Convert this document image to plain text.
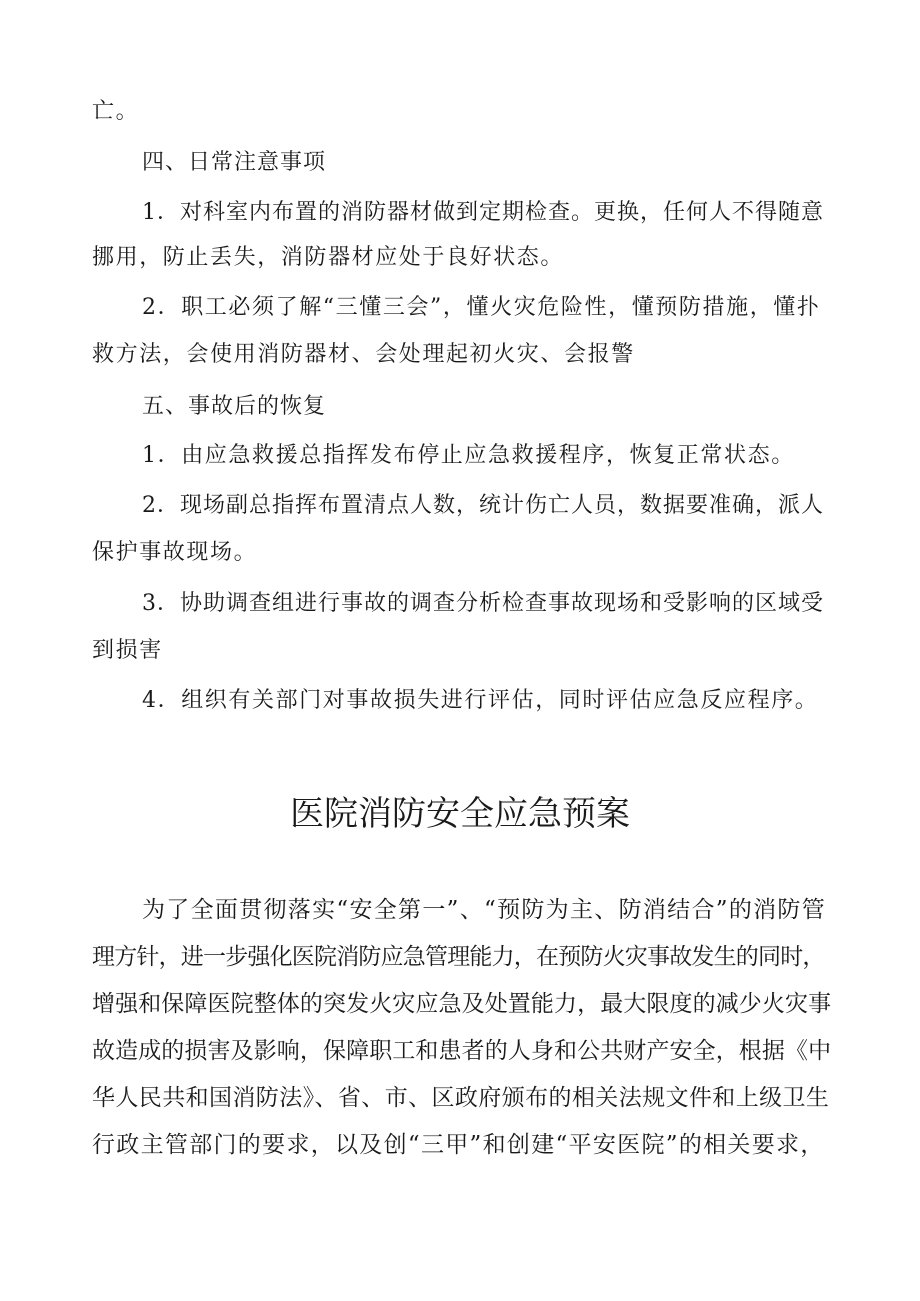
亡。
四、日常注意事项
1．对科室内布置的消防器材做到定期检查。更换，任何人不得随意
挪用，防止丢失，消防器材应处于良好状态。
2．职工必须了解“三懂三会”，懂火灾危险性，懂预防措施，懂扑
救方法，会使用消防器材、会处理起初火灾、会报警
五、事故后的恢复
1．由应急救援总指挥发布停止应急救援程序，恢复正常状态。
2．现场副总指挥布置清点人数，统计伤亡人员，数据要准确，派人
保护事故现场。
3．协助调查组进行事故的调查分析检查事故现场和受影响的区域受
到损害
4．组织有关部门对事故损失进行评估，同时评估应急反应程序。
医院消防安全应急预案
为了全面贯彻落实“安全第一”、“预防为主、防消结合”的消防管
理方针，进一步强化医院消防应急管理能力，在预防火灾事故发生的同时，
增强和保障医院整体的突发火灾应急及处置能力，最大限度的减少火灾事
故造成的损害及影响，保障职工和患者的人身和公共财产安全，根据《中
华人民共和国消防法》、省、市、区政府颁布的相关法规文件和上级卫生
行政主管部门的要求，以及创“三甲”和创建“平安医院”的相关要求，
